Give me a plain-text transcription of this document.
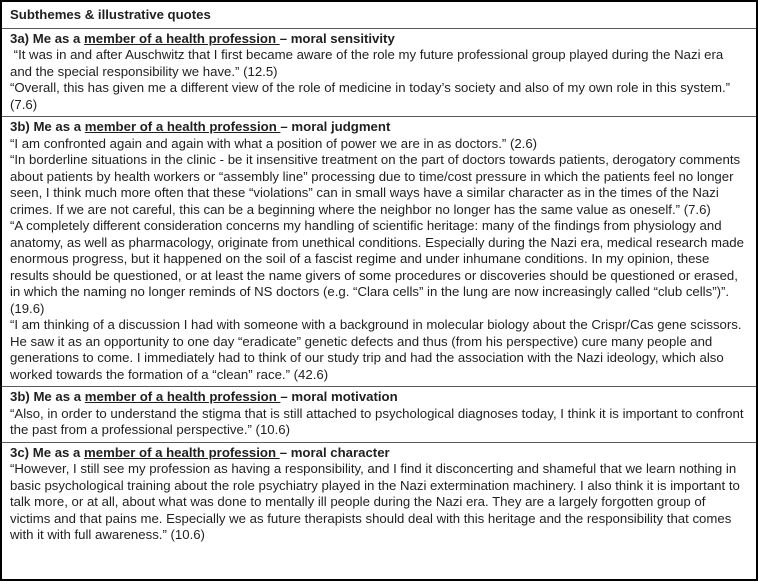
Subthemes & illustrative quotes

3a) Me as a member of a health profession – moral sensitivity

“It was in and after Auschwitz that I first became aware of the role my future professional group played during the Nazi era and the special responsibility we have.” (12.5)

“Overall, this has given me a different view of the role of medicine in today’s society and also of my own role in this system.” (7.6)

3b) Me as a member of a health profession – moral judgment

“I am confronted again and again with what a position of power we are in as doctors.” (2.6)

“In borderline situations in the clinic - be it insensitive treatment on the part of doctors towards patients, derogatory comments about patients by health workers or “assembly line” processing due to time/cost pressure in which the patients feel no longer seen, I think much more often that these “violations” can in small ways have a similar character as in the times of the Nazi crimes. If we are not careful, this can be a beginning where the neighbor no longer has the same value as oneself.” (7.6)

“A completely different consideration concerns my handling of scientific heritage: many of the findings from physiology and anatomy, as well as pharmacology, originate from unethical conditions. Especially during the Nazi era, medical research made enormous progress, but it happened on the soil of a fascist regime and under inhumane conditions. In my opinion, these results should be questioned, or at least the name givers of some procedures or discoveries should be questioned or erased, in which the naming no longer reminds of NS doctors (e.g. “Clara cells” in the lung are now increasingly called “club cells”)”. (19.6)

“I am thinking of a discussion I had with someone with a background in molecular biology about the Crispr/Cas gene scissors. He saw it as an opportunity to one day “eradicate” genetic defects and thus (from his perspective) cure many people and generations to come. I immediately had to think of our study trip and had the association with the Nazi ideology, which also worked towards the formation of a “clean” race.” (42.6)

3b) Me as a member of a health profession – moral motivation

“Also, in order to understand the stigma that is still attached to psychological diagnoses today, I think it is important to confront the past from a professional perspective.” (10.6)

3c) Me as a member of a health profession – moral character

“However, I still see my profession as having a responsibility, and I find it disconcerting and shameful that we learn nothing in basic psychological training about the role psychiatry played in the Nazi extermination machinery. I also think it is important to talk more, or at all, about what was done to mentally ill people during the Nazi era. They are a largely forgotten group of victims and that pains me. Especially we as future therapists should deal with this heritage and the responsibility that comes with it with full awareness.” (10.6)
